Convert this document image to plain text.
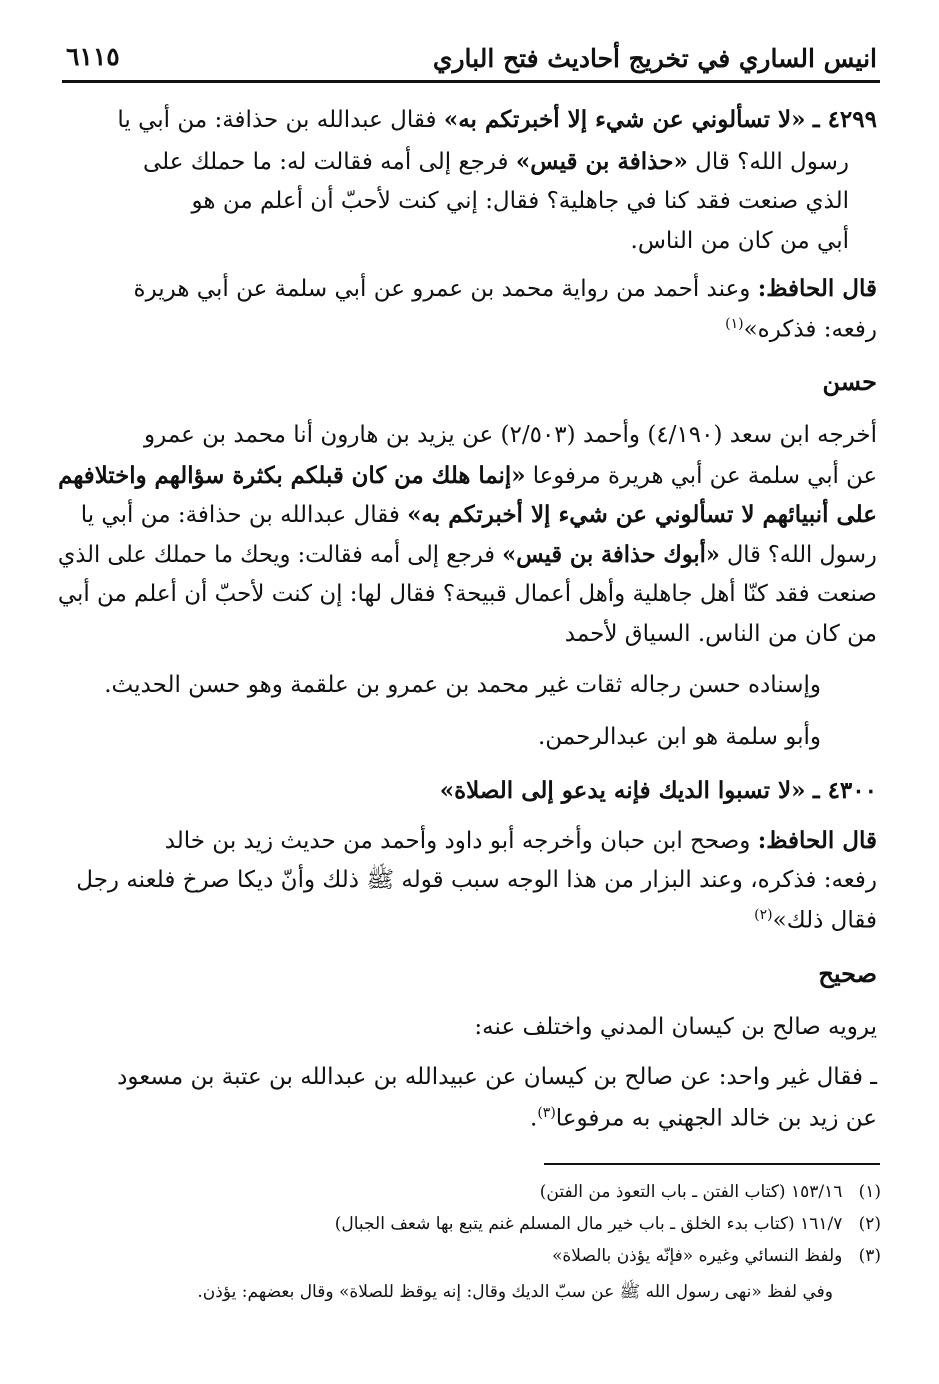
انيس الساري في تخريج أحاديث فتح الباري
٦١١٥
٤٢٩٩ ـ «لا تسألوني عن شيء إلا أخبرتكم به» فقال عبدالله بن حذافة: من أبي يا
رسول الله؟ قال «حذافة بن قيس» فرجع إلى أمه فقالت له: ما حملك على
الذي صنعت فقد كنا في جاهلية؟ فقال: إني كنت لأحبّ أن أعلم من هو
أبي من كان من الناس.
قال الحافظ: وعند أحمد من رواية محمد بن عمرو عن أبي سلمة عن أبي هريرة
رفعه: فذكره»$^{(١)}$
حسن
أخرجه ابن سعد (٤/١٩٠) وأحمد (٢/٥٠٣) عن يزيد بن هارون أنا محمد بن عمرو
عن أبي سلمة عن أبي هريرة مرفوعا «إنما هلك من كان قبلكم بكثرة سؤالهم واختلافهم
على أنبيائهم لا تسألوني عن شيء إلا أخبرتكم به» فقال عبدالله بن حذافة: من أبي يا
رسول الله؟ قال «أبوك حذافة بن قيس» فرجع إلى أمه فقالت: ويحك ما حملك على الذي
صنعت فقد كنّا أهل جاهلية وأهل أعمال قبيحة؟ فقال لها: إن كنت لأحبّ أن أعلم من أبي
من كان من الناس. السياق لأحمد
وإسناده حسن رجاله ثقات غير محمد بن عمرو بن علقمة وهو حسن الحديث.
وأبو سلمة هو ابن عبدالرحمن.
٤٣٠٠ ـ «لا تسبوا الديك فإنه يدعو إلى الصلاة»
قال الحافظ: وصحح ابن حبان وأخرجه أبو داود وأحمد من حديث زيد بن خالد
رفعه: فذكره، وعند البزار من هذا الوجه سبب قوله ﷺ ذلك وأنّ ديكا صرخ فلعنه رجل
فقال ذلك»$^{(٢)}$
صحيح
يرويه صالح بن كيسان المدني واختلف عنه:
ـ فقال غير واحد: عن صالح بن كيسان عن عبيدالله بن عبدالله بن عتبة بن مسعود
عن زيد بن خالد الجهني به مرفوعا$^{(٣)}$.
(١)   ١٥٣/١٦ (كتاب الفتن ـ باب التعوذ من الفتن)
(٢)   ١٦١/٧ (كتاب بدء الخلق ـ باب خير مال المسلم غنم يتبع بها شعف الجبال)
(٣)   ولفظ النسائي وغيره «فإنّه يؤذن بالصلاة»
وفي لفظ «نهى رسول الله ﷺ عن سبّ الديك وقال: إنه يوقظ للصلاة» وقال بعضهم: يؤذن.
